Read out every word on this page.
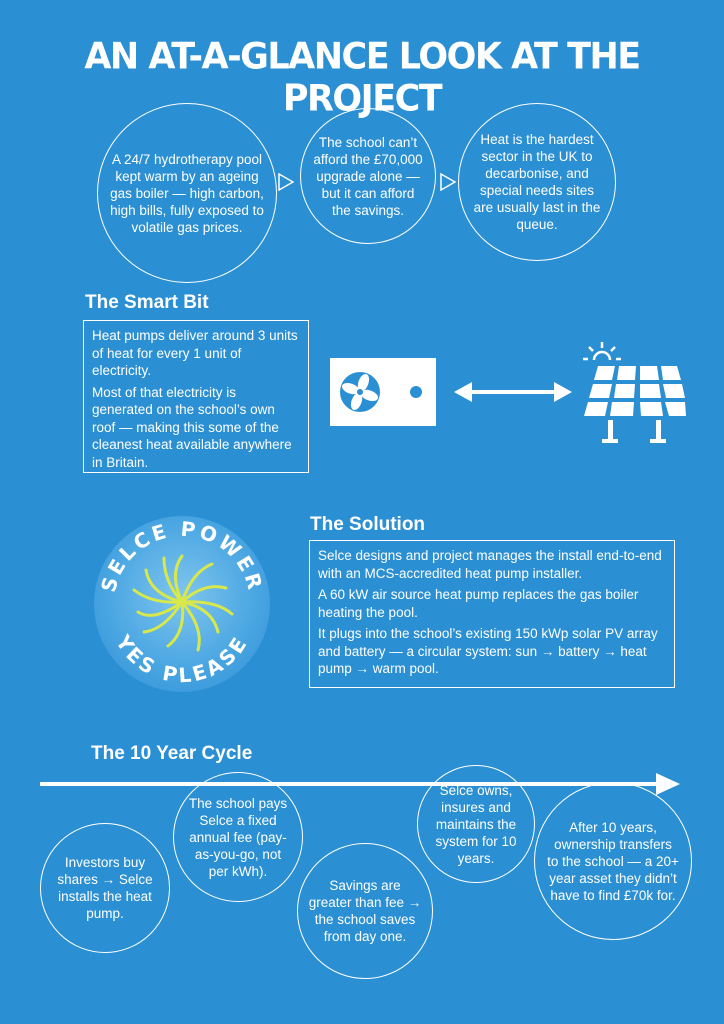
AN AT-A-GLANCE LOOK AT THE PROJECT
A 24/7 hydrotherapy pool kept warm by an ageing gas boiler — high carbon, high bills, fully exposed to volatile gas prices.
The school can’t afford the £70,000 upgrade alone — but it can afford the savings.
Heat is the hardest sector in the UK to decarbonise, and special needs sites are usually last in the queue.
The Smart Bit

Heat pumps deliver around 3 units of heat for every 1 unit of electricity.

Most of that electricity is generated on the school’s own roof — making this some of the cleanest heat available anywhere in Britain.

SELCE POWER
YES PLEASE
The Solution

Selce designs and project manages the install end-to-end with an MCS-accredited heat pump installer.

A 60 kW air source heat pump replaces the gas boiler heating the pool.

It plugs into the school’s existing 150 kWp solar PV array and battery — a circular system: sun → battery → heat pump → warm pool.

The 10 Year Cycle
Investors buy shares → Selce installs the heat pump.
The school pays Selce a fixed annual fee (pay-as-you-go, not per kWh).
Savings are greater than fee → the school saves from day one.
Selce owns, insures and maintains the system for 10 years.
After 10 years, ownership transfers to the school — a 20+ year asset they didn’t have to find £70k for.
